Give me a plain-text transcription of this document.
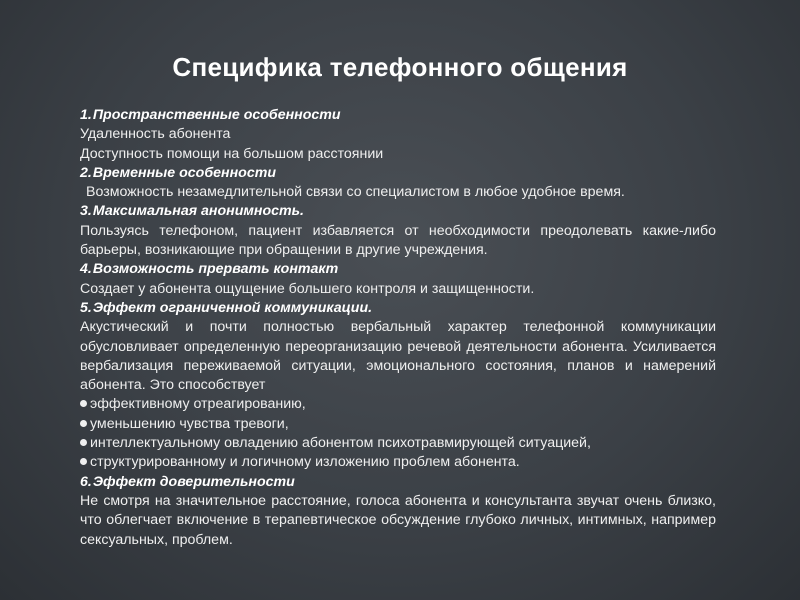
Специфика телефонного общения
1.Пространственные особенности

Удаленность абонента

Доступность помощи на большом расстоянии

2.Временные особенности

Возможность незамедлительной связи со специалистом в любое удобное время.

3.Максимальная анонимность.

Пользуясь телефоном, пациент избавляется от необходимости преодолевать какие-либо барьеры, возникающие при обращении в другие учреждения.

4.Возможность прервать контакт

Создает у абонента ощущение большего контроля и защищенности.

5.Эффект ограниченной коммуникации.

Акустический и почти полностью вербальный характер телефонной коммуникации обусловливает определенную переорганизацию речевой деятельности абонента. Усиливается вербализация переживаемой ситуации, эмоционального состояния, планов и намерений абонента. Это способствует

эффективному отреагированию,

уменьшению чувства тревоги,

интеллектуальному овладению абонентом психотравмирующей ситуацией,

структурированному и логичному изложению проблем абонента.

6.Эффект доверительности

Не смотря на значительное расстояние, голоса абонента и консультанта звучат очень близко, что облегчает включение в терапевтическое обсуждение глубоко личных, интимных, например сексуальных, проблем.
